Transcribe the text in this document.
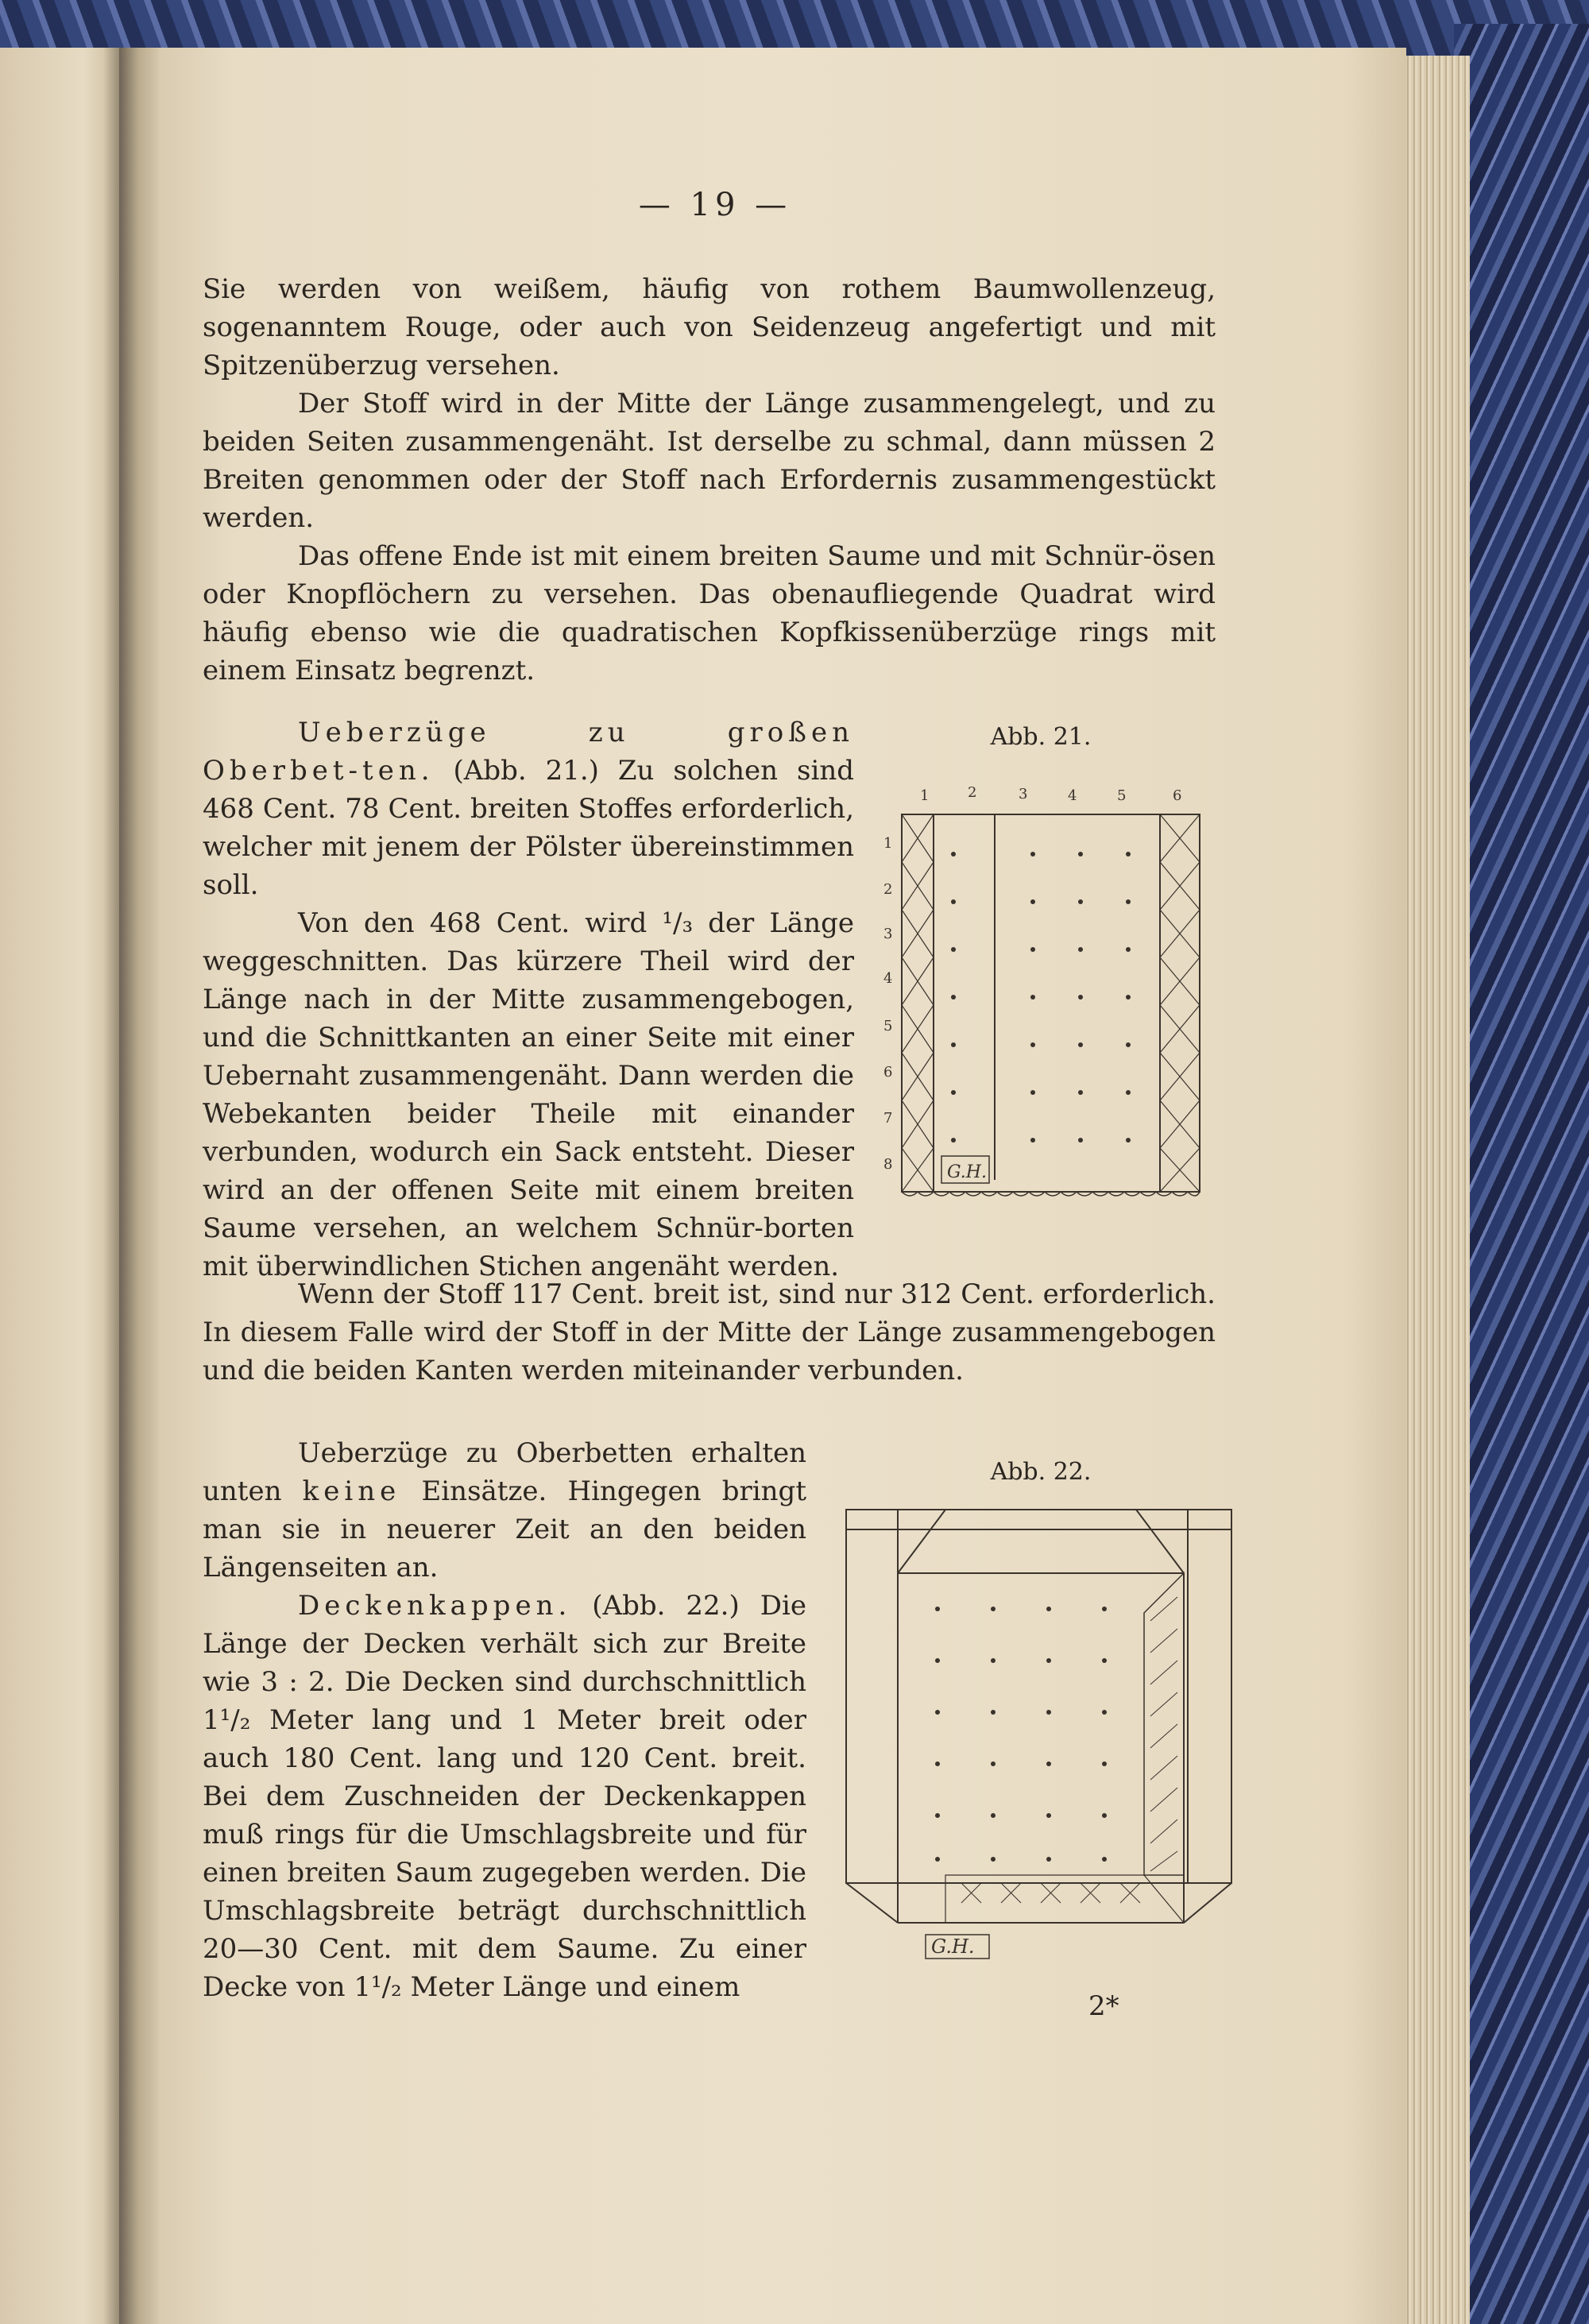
— 19 —

Sie werden von weißem, häufig von rothem Baumwollenzeug, sogenanntem Rouge, oder auch von Seidenzeug angefertigt und mit Spitzenüberzug versehen.

Der Stoff wird in der Mitte der Länge zusammengelegt, und zu beiden Seiten zusammengenäht. Ist derselbe zu schmal, dann müssen 2 Breiten genommen oder der Stoff nach Erfordernis zusammengestückt werden.

Das offene Ende ist mit einem breiten Saume und mit Schnür-ösen oder Knopflöchern zu versehen. Das obenaufliegende Quadrat wird häufig ebenso wie die quadratischen Kopfkissenüberzüge rings mit einem Einsatz begrenzt.

Ueberzüge zu großen Oberbet-ten. (Abb. 21.) Zu solchen sind 468 Cent. 78 Cent. breiten Stoffes erforderlich, welcher mit jenem der Pölster übereinstimmen soll.

Von den 468 Cent. wird ¹/₃ der Länge weggeschnitten. Das kürzere Theil wird der Länge nach in der Mitte zusammengebogen, und die Schnittkanten an einer Seite mit einer Uebernaht zusammengenäht. Dann werden die Webekanten beider Theile mit einander verbunden, wodurch ein Sack entsteht. Dieser wird an der offenen Seite mit einem breiten Saume versehen, an welchem Schnür-borten mit überwindlichen Stichen angenäht werden.

Abb. 21.
1	2	3	4	5	6
1
2
3
4
5
6
7
8	G.H.

Wenn der Stoff 117 Cent. breit ist, sind nur 312 Cent. erforderlich. In diesem Falle wird der Stoff in der Mitte der Länge zusammengebogen und die beiden Kanten werden miteinander verbunden.

Ueberzüge zu Oberbetten erhalten unten keine Einsätze. Hingegen bringt man sie in neuerer Zeit an den beiden Längenseiten an.

Deckenkappen. (Abb. 22.) Die Länge der Decken verhält sich zur Breite wie 3 : 2. Die Decken sind durchschnittlich 1¹/₂ Meter lang und 1 Meter breit oder auch 180 Cent. lang und 120 Cent. breit. Bei dem Zuschneiden der Deckenkappen muß rings für die Umschlagsbreite und für einen breiten Saum zugegeben werden. Die Umschlagsbreite beträgt durchschnittlich 20—30 Cent. mit dem Saume. Zu einer Decke von 1¹/₂ Meter Länge und einem

Abb. 22.
G.H.
2*
